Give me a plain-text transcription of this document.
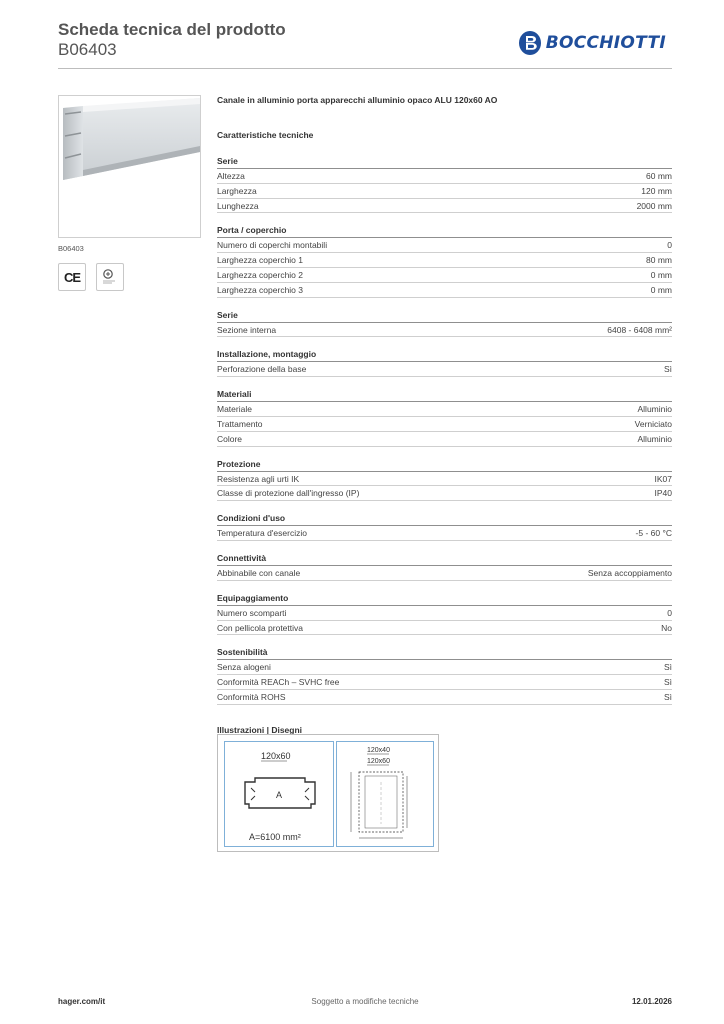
Scheda tecnica del prodotto
B06403	BOCCHIOTTI
B06403
CE
Canale in alluminio porta apparecchi alluminio opaco ALU 120x60 AO
Caratteristiche tecniche
Serie
Altezza	60 mm
Larghezza	120 mm
Lunghezza	2000 mm
Porta / coperchio
Numero di coperchi montabili	0
Larghezza coperchio 1	80 mm
Larghezza coperchio 2	0 mm
Larghezza coperchio 3	0 mm
Serie
Sezione interna	6408 - 6408 mm²
Installazione, montaggio
Perforazione della base	Sì
Materiali
Materiale	Alluminio
Trattamento	Verniciato
Colore	Alluminio
Protezione
Resistenza agli urti IK	IK07
Classe di protezione dall'ingresso (IP)	IP40
Condizioni d'uso
Temperatura d'esercizio	-5 - 60 °C
Connettività
Abbinabile con canale	Senza accoppiamento
Equipaggiamento
Numero scomparti	0
Con pellicola protettiva	No
Sostenibilità
Senza alogeni	Sì
Conformità REACh – SVHC free	Sì
Conformità ROHS	Sì
Illustrazioni | Disegni
120x60
A
A=6100 mm²
120x40
120x60
hager.com/it	Soggetto a modifiche tecniche	12.01.2026
